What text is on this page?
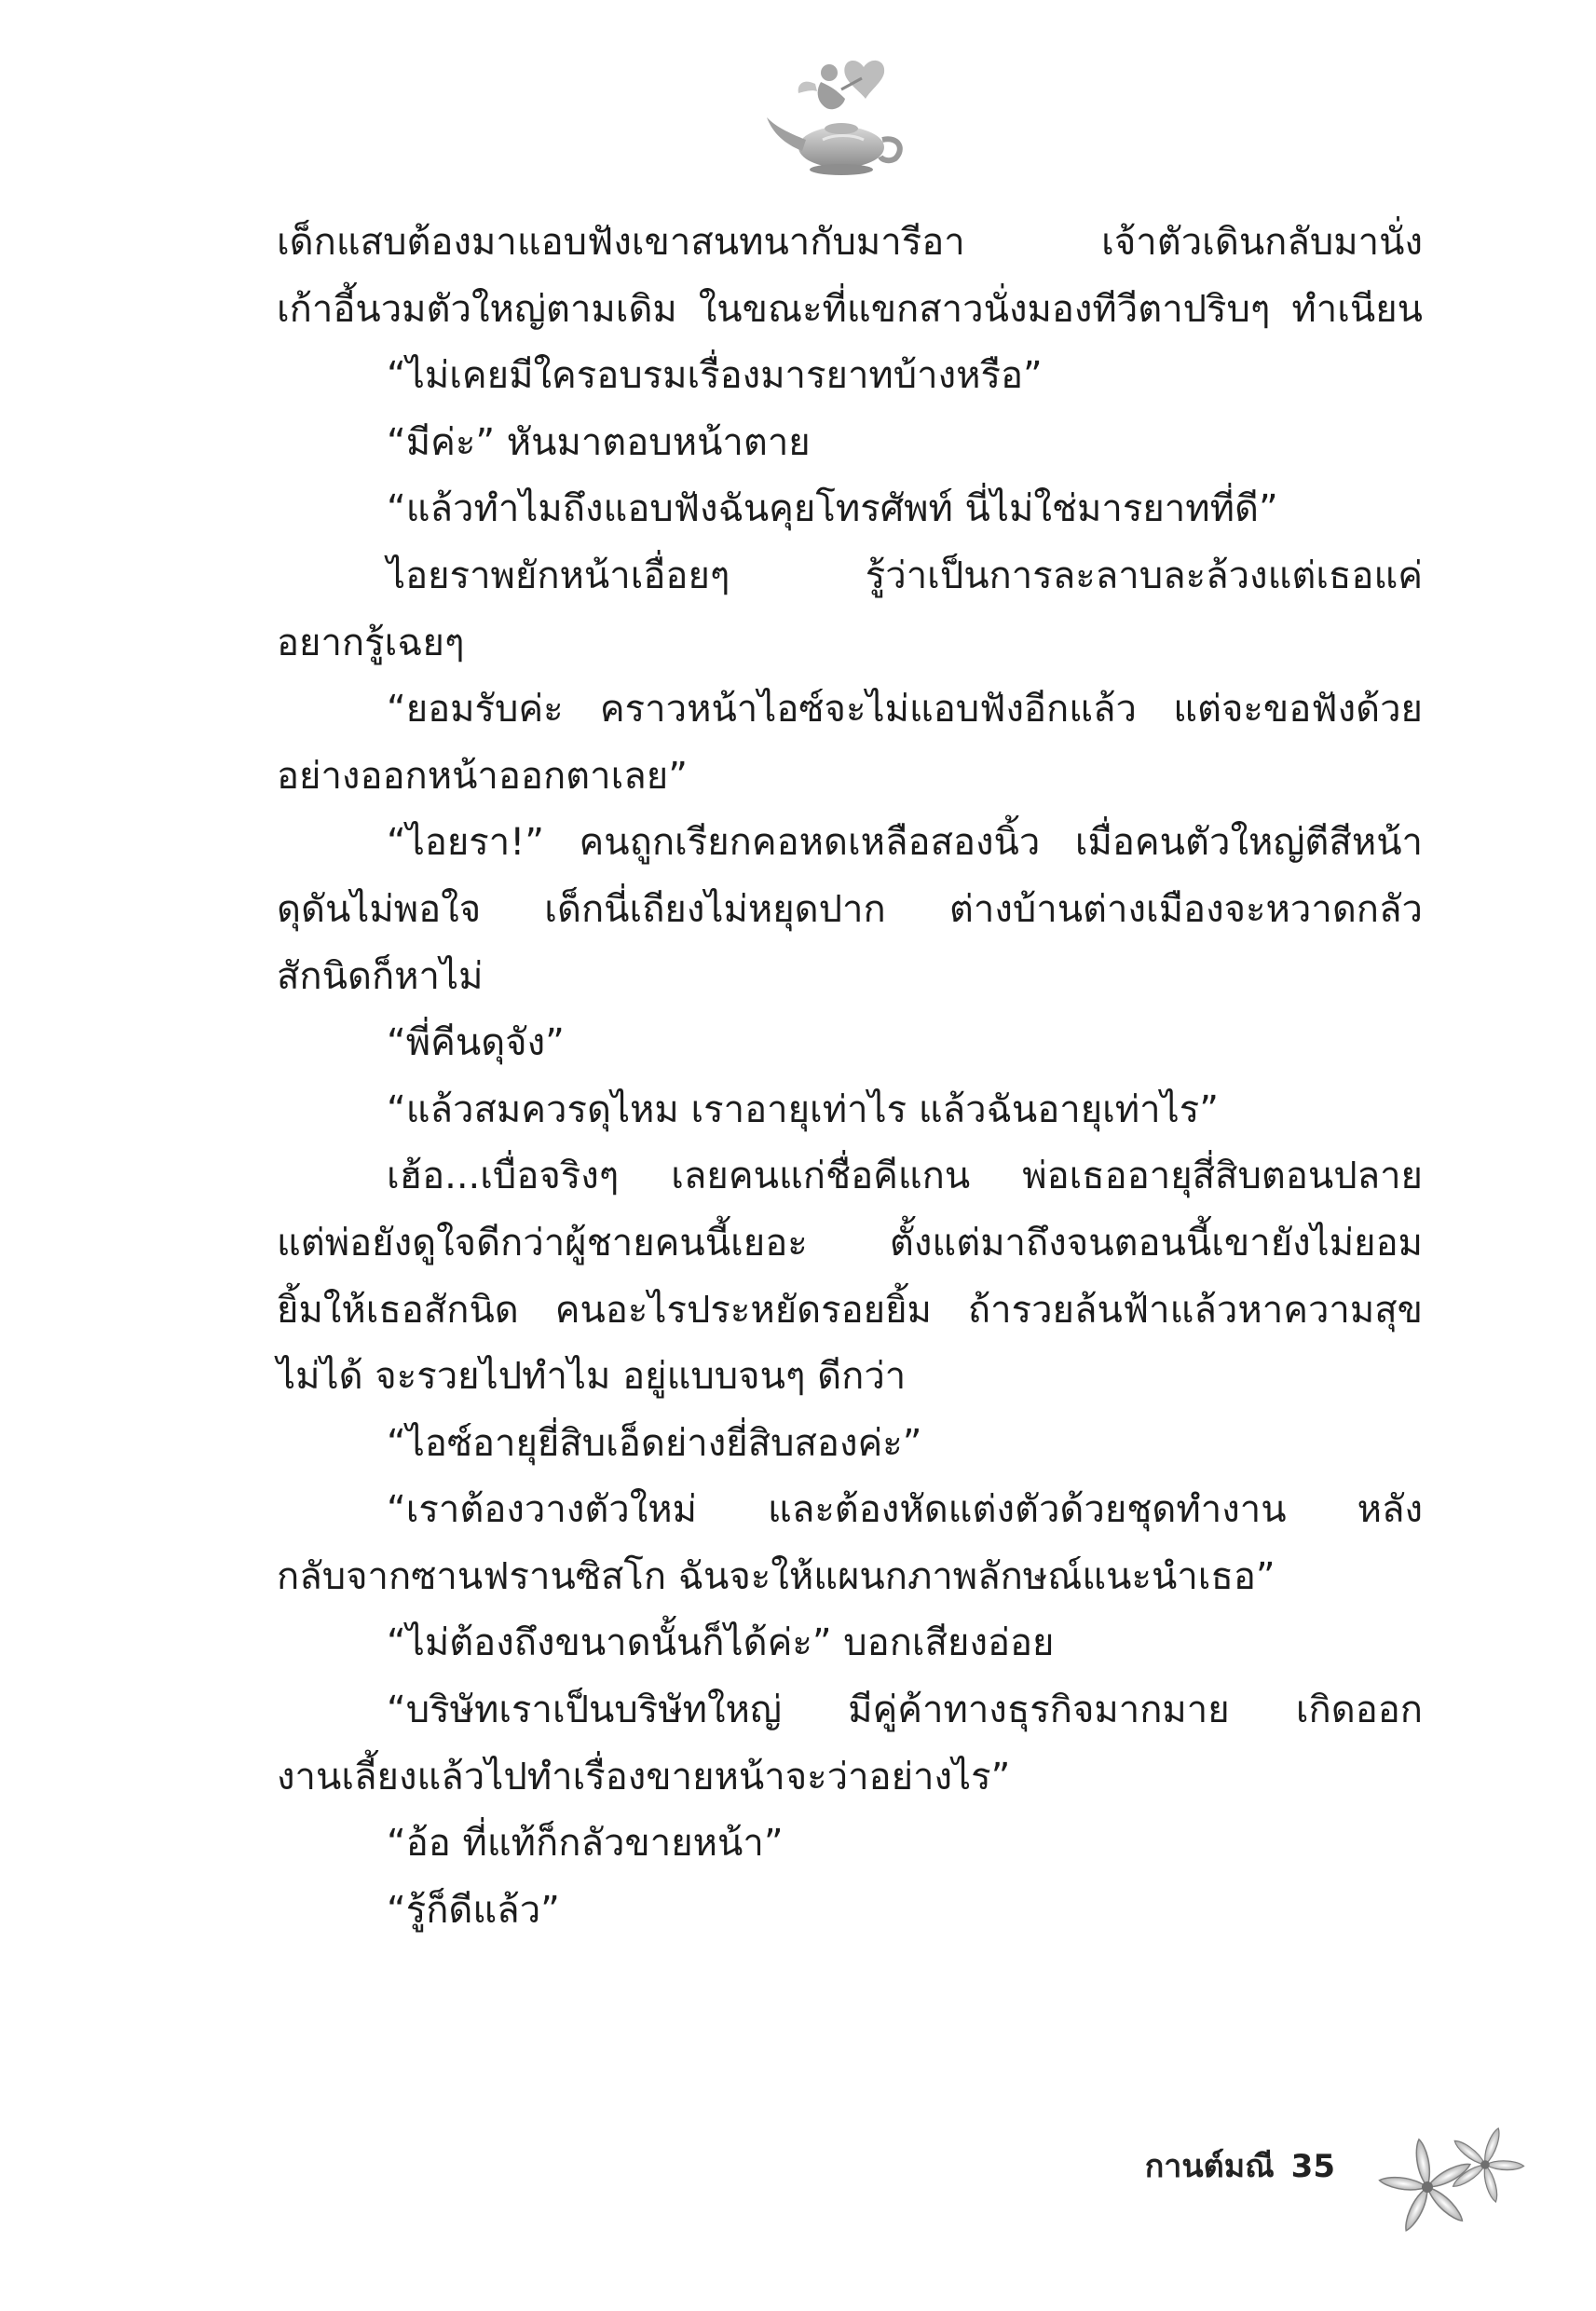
เด็กแสบต้องมาแอบฟังเขาสนทนากับมารีอา เจ้าตัวเดินกลับมานั่ง

เก้าอี้นวมตัวใหญ่ตามเดิม ในขณะที่แขกสาวนั่งมองทีวีตาปริบๆ ทำเนียน

“ไม่เคยมีใครอบรมเรื่องมารยาทบ้างหรือ”

“มีค่ะ” หันมาตอบหน้าตาย

“แล้วทำไมถึงแอบฟังฉันคุยโทรศัพท์ นี่ไม่ใช่มารยาทที่ดี”

ไอยราพยักหน้าเอื่อยๆ รู้ว่าเป็นการละลาบละล้วงแต่เธอแค่

อยากรู้เฉยๆ

“ยอมรับค่ะ คราวหน้าไอซ์จะไม่แอบฟังอีกแล้ว แต่จะขอฟังด้วย

อย่างออกหน้าออกตาเลย”

“ไอยรา!” คนถูกเรียกคอหดเหลือสองนิ้ว เมื่อคนตัวใหญ่ตีสีหน้า

ดุดันไม่พอใจ เด็กนี่เถียงไม่หยุดปาก ต่างบ้านต่างเมืองจะหวาดกลัว

สักนิดก็หาไม่

“พี่คีนดุจัง”

“แล้วสมควรดุไหม เราอายุเท่าไร แล้วฉันอายุเท่าไร”

เฮ้อ...เบื่อจริงๆ เลยคนแก่ชื่อคีแกน พ่อเธออายุสี่สิบตอนปลาย

แต่พ่อยังดูใจดีกว่าผู้ชายคนนี้เยอะ ตั้งแต่มาถึงจนตอนนี้เขายังไม่ยอม

ยิ้มให้เธอสักนิด คนอะไรประหยัดรอยยิ้ม ถ้ารวยล้นฟ้าแล้วหาความสุข

ไม่ได้ จะรวยไปทำไม อยู่แบบจนๆ ดีกว่า

“ไอซ์อายุยี่สิบเอ็ดย่างยี่สิบสองค่ะ”

“เราต้องวางตัวใหม่ และต้องหัดแต่งตัวด้วยชุดทำงาน หลัง

กลับจากซานฟรานซิสโก ฉันจะให้แผนกภาพลักษณ์แนะนำเธอ”

“ไม่ต้องถึงขนาดนั้นก็ได้ค่ะ” บอกเสียงอ่อย

“บริษัทเราเป็นบริษัทใหญ่ มีคู่ค้าทางธุรกิจมากมาย เกิดออก

งานเลี้ยงแล้วไปทำเรื่องขายหน้าจะว่าอย่างไร”

“อ้อ ที่แท้ก็กลัวขายหน้า”

“รู้ก็ดีแล้ว”

กานต์มณี 35
